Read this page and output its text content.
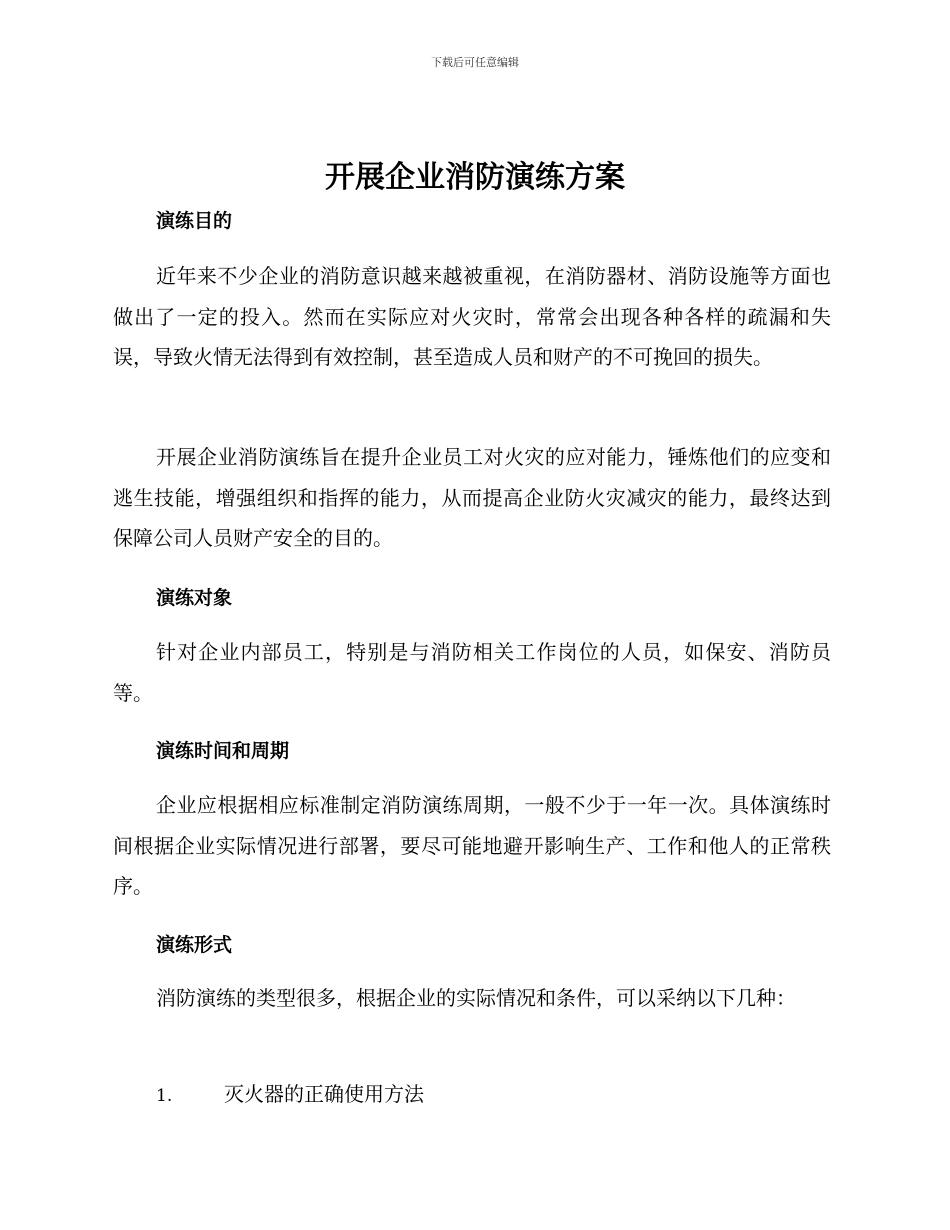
下载后可任意编辑
开展企业消防演练方案
演练目的

近年来不少企业的消防意识越来越被重视，在消防器材、消防设施等方面也做出了一定的投入。然而在实际应对火灾时，常常会出现各种各样的疏漏和失误，导致火情无法得到有效控制，甚至造成人员和财产的不可挽回的损失。

开展企业消防演练旨在提升企业员工对火灾的应对能力，锤炼他们的应变和逃生技能，增强组织和指挥的能力，从而提高企业防火灾减灾的能力，最终达到保障公司人员财产安全的目的。

演练对象

针对企业内部员工，特别是与消防相关工作岗位的人员，如保安、消防员等。

演练时间和周期

企业应根据相应标准制定消防演练周期，一般不少于一年一次。具体演练时间根据企业实际情况进行部署，要尽可能地避开影响生产、工作和他人的正常秩序。

演练形式

消防演练的类型很多，根据企业的实际情况和条件，可以采纳以下几种：

1.	灭火器的正确使用方法
